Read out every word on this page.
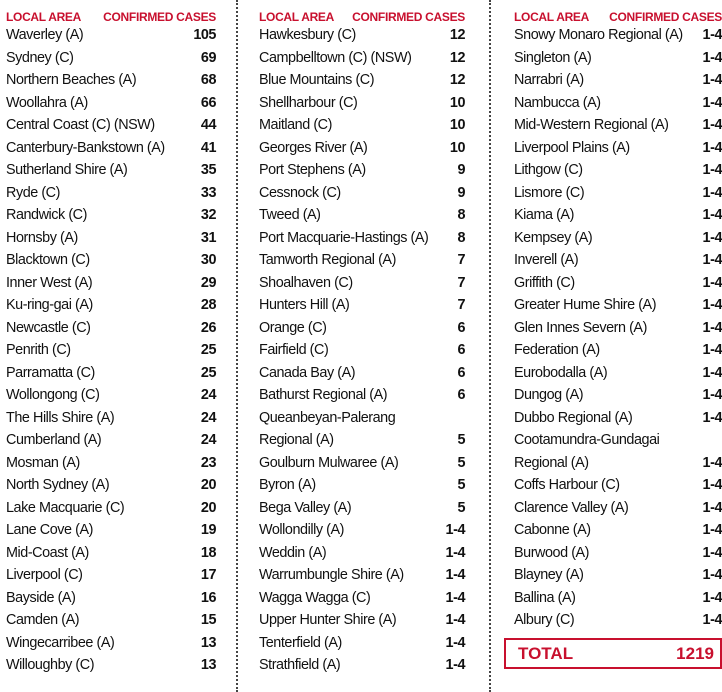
LOCAL AREA CONFIRMED CASES
Waverley (A)	105
Sydney (C)	69
Northern Beaches (A)	68
Woollahra (A)	66
Central Coast (C) (NSW)	44
Canterbury-Bankstown (A)	41
Sutherland Shire (A)	35
Ryde (C)	33
Randwick (C)	32
Hornsby (A)	31
Blacktown (C)	30
Inner West (A)	29
Ku-ring-gai (A)	28
Newcastle (C)	26
Penrith (C)	25
Parramatta (C)	25
Wollongong (C)	24
The Hills Shire (A)	24
Cumberland (A)	24
Mosman (A)	23
North Sydney (A)	20
Lake Macquarie (C)	20
Lane Cove (A)	19
Mid-Coast (A)	18
Liverpool (C)	17
Bayside (A)	16
Camden (A)	15
Wingecarribee (A)	13
Willoughby (C)	13
LOCAL AREA CONFIRMED CASES
Hawkesbury (C)	12
Campbelltown (C) (NSW)	12
Blue Mountains (C)	12
Shellharbour (C)	10
Maitland (C)	10
Georges River (A)	10
Port Stephens (A)	9
Cessnock (C)	9
Tweed (A)	8
Port Macquarie-Hastings (A) 8
Tamworth Regional (A)	7
Shoalhaven (C)	7
Hunters Hill (A)	7
Orange (C)	6
Fairfield (C)	6
Canada Bay (A)	6
Bathurst Regional (A)	6
Queanbeyan-Palerang
Regional (A)	5
Goulburn Mulwaree (A)	5
Byron (A)	5
Bega Valley (A)	5
Wollondilly (A)	1-4
Weddin (A)	1-4
Warrumbungle Shire (A)	1-4
Wagga Wagga (C)	1-4
Upper Hunter Shire (A)	1-4
Tenterfield (A)	1-4
Strathfield (A)	1-4
LOCAL AREA CONFIRMED CASES
Snowy Monaro Regional (A) 1-4
Singleton (A)	1-4
Narrabri (A)	1-4
Nambucca (A)	1-4
Mid-Western Regional (A) 1-4
Liverpool Plains (A)	1-4
Lithgow (C)	1-4
Lismore (C)	1-4
Kiama (A)	1-4
Kempsey (A)	1-4
Inverell (A)	1-4
Griffith (C)	1-4
Greater Hume Shire (A)	1-4
Glen Innes Severn (A)	1-4
Federation (A)	1-4
Eurobodalla (A)	1-4
Dungog (A)	1-4
Dubbo Regional (A)	1-4
Cootamundra-Gundagai
Regional (A)	1-4
Coffs Harbour (C)	1-4
Clarence Valley (A)	1-4
Cabonne (A)	1-4
Burwood (A)	1-4
Blayney (A)	1-4
Ballina (A)	1-4
Albury (C)	1-4
TOTAL	1219
